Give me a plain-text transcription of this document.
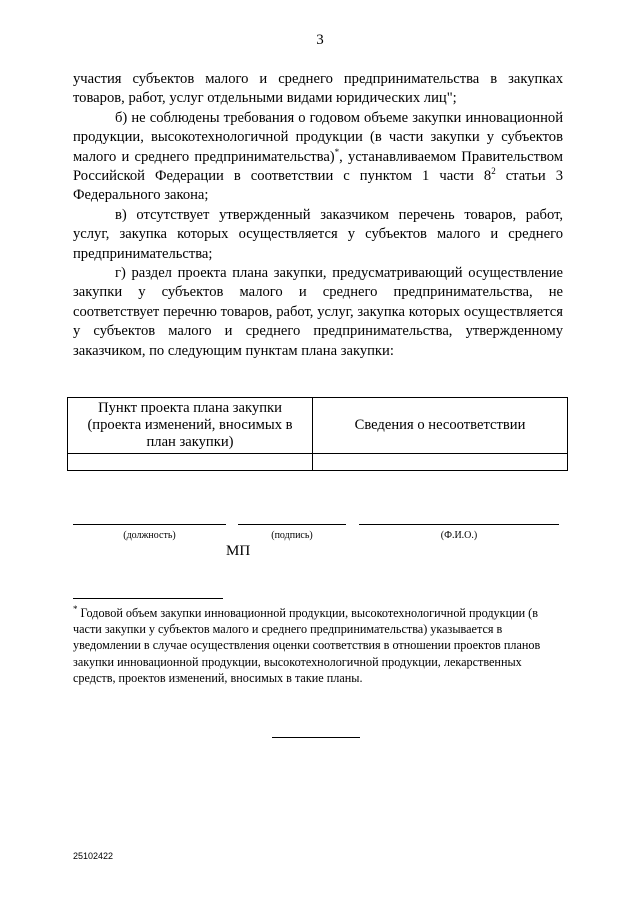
3

участия субъектов малого и среднего предпринимательства в закупках товаров, работ, услуг отдельными видами юридических лиц";

б) не соблюдены требования о годовом объеме закупки инновационной продукции, высокотехнологичной продукции (в части закупки у субъектов малого и среднего предпринимательства)*, устанавливаемом Правительством Российской Федерации в соответствии с пунктом 1 части $8^2$ статьи 3 Федерального закона;

в) отсутствует утвержденный заказчиком перечень товаров, работ, услуг, закупка которых осуществляется у субъектов малого и среднего предпринимательства;

г) раздел проекта плана закупки, предусматривающий осуществление закупки у субъектов малого и среднего предпринимательства, не соответствует перечню товаров, работ, услуг, закупка которых осуществляется у субъектов малого и среднего предпринимательства, утвержденному заказчиком, по следующим пунктам плана закупки:

Пункт проекта плана закупки (проекта изменений, вносимых в план закупки)	Сведения о несоответствии

(должность)	(подпись)	(Ф.И.О.)
МП
* Годовой объем закупки инновационной продукции, высокотехнологичной продукции (в части закупки у субъектов малого и среднего предпринимательства) указывается в уведомлении в случае осуществления оценки соответствия в отношении проектов планов закупки инновационной продукции, высокотехнологичной продукции, лекарственных средств, проектов изменений, вносимых в такие планы.
25102422
